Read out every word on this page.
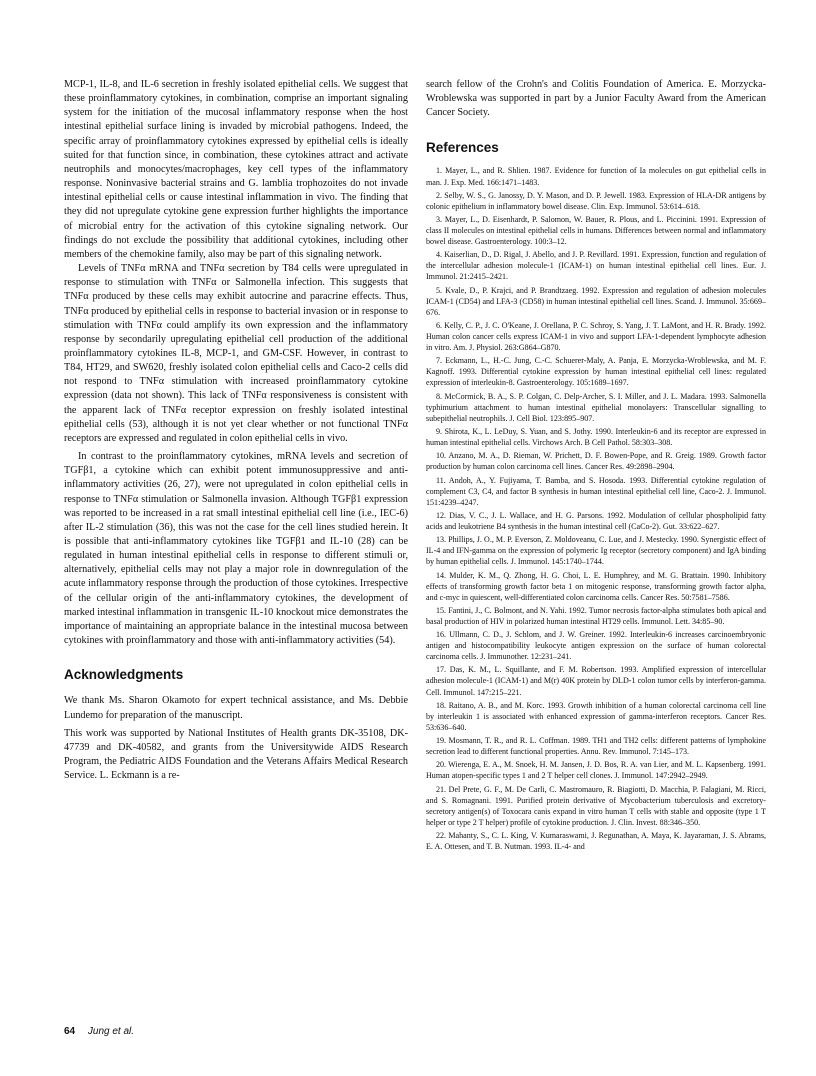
MCP-1, IL-8, and IL-6 secretion in freshly isolated epithelial cells. We suggest that these proinflammatory cytokines, in combination, comprise an important signaling system for the initiation of the mucosal inflammatory response when the host intestinal epithelial surface lining is invaded by microbial pathogens. Indeed, the specific array of proinflammatory cytokines expressed by epithelial cells is ideally suited for that function since, in combination, these cytokines attract and activate neutrophils and monocytes/macrophages, key cell types of the inflammatory response. Noninvasive bacterial strains and G. lamblia trophozoites do not invade intestinal epithelial cells or cause intestinal inflammation in vivo. The finding that they did not upregulate cytokine gene expression further highlights the importance of microbial entry for the activation of this cytokine signaling network. Our findings do not exclude the possibility that additional cytokines, including other members of the chemokine family, also may be part of this signaling network.

Levels of TNFα mRNA and TNFα secretion by T84 cells were upregulated in response to stimulation with TNFα or Salmonella infection. This suggests that TNFα produced by these cells may exhibit autocrine and paracrine effects. Thus, TNFα produced by epithelial cells in response to bacterial invasion or in response to stimulation with TNFα could amplify its own expression and the inflammatory response by secondarily upregulating epithelial cell production of the additional proinflammatory cytokines IL-8, MCP-1, and GM-CSF. However, in contrast to T84, HT29, and SW620, freshly isolated colon epithelial cells and Caco-2 cells did not respond to TNFα stimulation with increased proinflammatory cytokine expression (data not shown). This lack of TNFα responsiveness is consistent with the apparent lack of TNFα receptor expression on freshly isolated intestinal epithelial cells (53), although it is not yet clear whether or not functional TNFα receptors are expressed and regulated in colon epithelial cells in vivo.

In contrast to the proinflammatory cytokines, mRNA levels and secretion of TGFβ1, a cytokine which can exhibit potent immunosuppressive and anti-inflammatory activities (26, 27), were not upregulated in colon epithelial cells in response to TNFα stimulation or Salmonella invasion. Although TGFβ1 expression was reported to be increased in a rat small intestinal epithelial cell line (i.e., IEC-6) after IL-2 stimulation (36), this was not the case for the cell lines studied herein. It is possible that anti-inflammatory cytokines like TGFβ1 and IL-10 (28) can be regulated in human intestinal epithelial cells in response to different stimuli or, alternatively, epithelial cells may not play a major role in downregulation of the acute inflammatory response through the production of those cytokines. Irrespective of the cellular origin of the anti-inflammatory cytokines, the development of marked intestinal inflammation in transgenic IL-10 knockout mice demonstrates the importance of maintaining an appropriate balance in the intestinal mucosa between cytokines with proinflammatory and those with anti-inflammatory activities (54).

Acknowledgments

We thank Ms. Sharon Okamoto for expert technical assistance, and Ms. Debbie Lundemo for preparation of the manuscript.

This work was supported by National Institutes of Health grants DK-35108, DK-47739 and DK-40582, and grants from the Universitywide AIDS Research Program, the Pediatric AIDS Foundation and the Veterans Affairs Medical Research Service. L. Eckmann is a re-

search fellow of the Crohn's and Colitis Foundation of America. E. Morzycka-Wroblewska was supported in part by a Junior Faculty Award from the American Cancer Society.

References
1. Mayer, L., and R. Shlien. 1987. Evidence for function of Ia molecules on gut epithelial cells in man. J. Exp. Med. 166:1471–1483.
2. Selby, W. S., G. Janossy, D. Y. Mason, and D. P. Jewell. 1983. Expression of HLA-DR antigens by colonic epithelium in inflammatory bowel disease. Clin. Exp. Immunol. 53:614–618.
3. Mayer, L., D. Eisenhardt, P. Salomon, W. Bauer, R. Plous, and L. Piccinini. 1991. Expression of class II molecules on intestinal epithelial cells in humans. Differences between normal and inflammatory bowel disease. Gastroenterology. 100:3–12.
4. Kaiserlian, D., D. Rigal, J. Abello, and J. P. Revillard. 1991. Expression, function and regulation of the intercellular adhesion molecule-1 (ICAM-1) on human intestinal epithelial cell lines. Eur. J. Immunol. 21:2415–2421.
5. Kvale, D., P. Krajci, and P. Brandtzaeg. 1992. Expression and regulation of adhesion molecules ICAM-1 (CD54) and LFA-3 (CD58) in human intestinal epithelial cell lines. Scand. J. Immunol. 35:669–676.
6. Kelly, C. P., J. C. O'Keane, J. Orellana, P. C. Schroy, S. Yang, J. T. LaMont, and H. R. Brady. 1992. Human colon cancer cells express ICAM-1 in vivo and support LFA-1-dependent lymphocyte adhesion in vitro. Am. J. Physiol. 263:G864–G870.
7. Eckmann, L., H.-C. Jung, C.-C. Schuerer-Maly, A. Panja, E. Morzycka-Wroblewska, and M. F. Kagnoff. 1993. Differential cytokine expression by human intestinal epithelial cell lines: regulated expression of interleukin-8. Gastroenterology. 105:1689–1697.
8. McCormick, B. A., S. P. Colgan, C. Delp-Archer, S. I. Miller, and J. L. Madara. 1993. Salmonella typhimurium attachment to human intestinal epithelial monolayers: Transcellular signalling to subepithelial neutrophils. J. Cell Biol. 123:895–907.
9. Shirota, K., L. LeDuy, S. Yuan, and S. Jothy. 1990. Interleukin-6 and its receptor are expressed in human intestinal epithelial cells. Virchows Arch. B Cell Pathol. 58:303–308.
10. Anzano, M. A., D. Rieman, W. Prichett, D. F. Bowen-Pope, and R. Greig. 1989. Growth factor production by human colon carcinoma cell lines. Cancer Res. 49:2898–2904.
11. Andoh, A., Y. Fujiyama, T. Bamba, and S. Hosoda. 1993. Differential cytokine regulation of complement C3, C4, and factor B synthesis in human intestinal epithelial cell line, Caco-2. J. Immunol. 151:4239–4247.
12. Dias, V. C., J. L. Wallace, and H. G. Parsons. 1992. Modulation of cellular phospholipid fatty acids and leukotriene B4 synthesis in the human intestinal cell (CaCo-2). Gut. 33:622–627.
13. Phillips, J. O., M. P. Everson, Z. Moldoveanu, C. Lue, and J. Mestecky. 1990. Synergistic effect of IL-4 and IFN-gamma on the expression of polymeric Ig receptor (secretory component) and IgA binding by human epithelial cells. J. Immunol. 145:1740–1744.
14. Mulder, K. M., Q. Zhong, H. G. Choi, L. E. Humphrey, and M. G. Brattain. 1990. Inhibitory effects of transforming growth factor beta 1 on mitogenic response, transforming growth factor alpha, and c-myc in quiescent, well-differentiated colon carcinoma cells. Cancer Res. 50:7581–7586.
15. Fantini, J., C. Bolmont, and N. Yahi. 1992. Tumor necrosis factor-alpha stimulates both apical and basal production of HIV in polarized human intestinal HT29 cells. Immunol. Lett. 34:85–90.
16. Ullmann, C. D., J. Schlom, and J. W. Greiner. 1992. Interleukin-6 increases carcinoembryonic antigen and histocompatibility leukocyte antigen expression on the surface of human colorectal carcinoma cells. J. Immunother. 12:231–241.
17. Das, K. M., L. Squillante, and F. M. Robertson. 1993. Amplified expression of intercellular adhesion molecule-1 (ICAM-1) and M(r) 40K protein by DLD-1 colon tumor cells by interferon-gamma. Cell. Immunol. 147:215–221.
18. Raitano, A. B., and M. Korc. 1993. Growth inhibition of a human colorectal carcinoma cell line by interleukin 1 is associated with enhanced expression of gamma-interferon receptors. Cancer Res. 53:636–640.
19. Mosmann, T. R., and R. L. Coffman. 1989. TH1 and TH2 cells: different patterns of lymphokine secretion lead to different functional properties. Annu. Rev. Immunol. 7:145–173.
20. Wierenga, E. A., M. Snoek, H. M. Jansen, J. D. Bos, R. A. van Lier, and M. L. Kapsenberg. 1991. Human atopen-specific types 1 and 2 T helper cell clones. J. Immunol. 147:2942–2949.
21. Del Prete, G. F., M. De Carli, C. Mastromauro, R. Biagiotti, D. Macchia, P. Falagiani, M. Ricci, and S. Romagnani. 1991. Purified protein derivative of Mycobacterium tuberculosis and excretory-secretory antigen(s) of Toxocara canis expand in vitro human T cells with stable and opposite (type 1 T helper or type 2 T helper) profile of cytokine production. J. Clin. Invest. 88:346–350.
22. Mahanty, S., C. L. King, V. Kumaraswami, J. Regunathan, A. Maya, K. Jayaraman, J. S. Abrams, E. A. Ottesen, and T. B. Nutman. 1993. IL-4- and
64 Jung et al.
